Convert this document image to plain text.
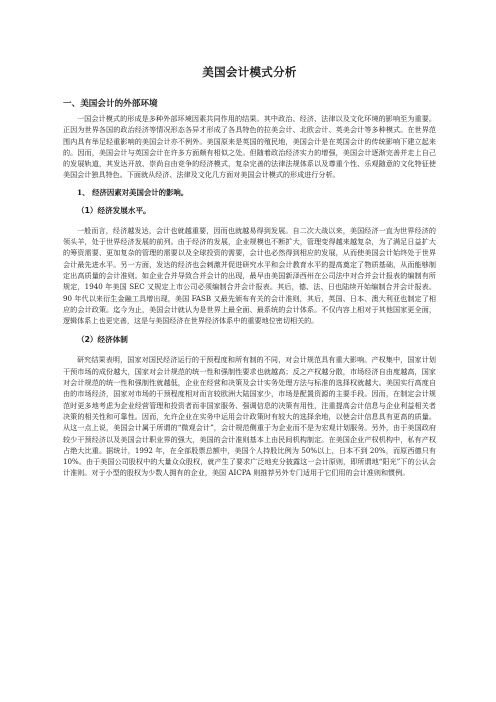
美国会计模式分析
一、美国会计的外部环境

一国会计模式的形成是多种外部环境因素共同作用的结果。其中政治、经济、法律以及文化环境的影响至为重要。正因为世界各国的政治经济等情况形态各异才形成了各具特色的拉美会计、北欧会计、英美会计等多种模式。在世界范围内具有举足轻重影响的美国会计亦不例外。美国原来是英国的殖民地，美国会计是在英国会计的传统影响下建立起来的。因而，美国会计与英国会计在许多方面颇有相似之处。但随着政治经济实力的增强，美国会计逐渐完善并走上自己的发展轨道，其发达开放、崇尚自由竞争的经济模式，复杂完善的法律法规体系以及尊重个性、乐观随意的文化特征使美国会计独具特色。下面就从经济、法律及文化几方面对美国会计模式的形成进行分析。

1、 经济因素对美国会计的影响。
（1）经济发展水平。

一般而言，经济越发达，会计也就越重要，因而也就越易得到发展。自二次大战以来，美国经济一直为世界经济的领头羊，处于世界经济发展的前列。由于经济的发展，企业规模也不断扩大，管理变得越来越复杂，为了满足日益扩大的筹资需要、更加复杂的管理的需要以及全球投资的需要，会计也必然得到相应的发展，从而使美国会计始终处于世界会计最先进水平。另一方面，发达的经济也会刺激并促进研究水平和会计教育水平的提高奠定了物质基础，从而能够制定出高质量的会计准则。如企业合并导致合并会计的出现，最早由美国新泽西州在公司法中对合并会计报表的编制有所规定，1940 年美国 SEC 又规定上市公司必须编制合并会计报表。其后，德、法、日也陆续开始编制合并会计报表。90 年代以来衍生金融工具增出现，美国 FASB 又最先颁布有关的会计准则，其后，英国、日本、澳大利亚也制定了相应的会计政策。迄今为止，美国会计就认为是世界上最全面、最系统的会计体系。不仅内容上相对于其他国家更全面，逻辑体系上也更完善，这是与美国经济在世界经济体系中的重要地位密切相关的。

（2）经济体制

研究结果表明，国家对国民经济运行的干预程度和所有制的不同，对会计规范具有重大影响。产权集中，国家计划干预市场的成份越大，国家对会计规范的统一性和强制性要求也就越高；反之产权越分散，市场经济自由度越高，国家对会计规范的统一性和强制性就越低，企业在经营和决策及会计实务处理方法与标准的选择权就越大。美国实行高度自由的市场经济，国家对市场的干预程度相对而言较欧洲大陆国家少，市场是配置资源的主要手段。因而，在制定会计规范时更多地考虑为企业经营管理和投资者而非国家服务、强调信息的决策有用性，注重提高会计信息与企业利益相关者决策的相关性和可靠性。因而，允许企业在实务中运用会计政策时有较大的选择余地，以使会计信息具有更高的质量。从这一点上说，美国会计属于所谓的“微观会计”，会计规范侧重于为企业而不是为宏观计划服务。另外，由于美国政府较少干预经济以及美国会计职业界的强大，美国的会计准则基本上由民间机构制定。在美国企业产权机构中，私有产权占绝大比重。据统计，1992 年，在全部股票总额中，美国个人持股比例为 50%以上，日本不到 20%，而原西德只有 10%。由于美国公司股权中的大量众众股权，就产生了要求广泛地充分披露这一会计原则，即所谓地“阳光”下的公认会计准则。对于小型的股权为少数人拥有的企业，美国 AICPA 则推荐另外专门适用于它们用的会计准则和惯例。
